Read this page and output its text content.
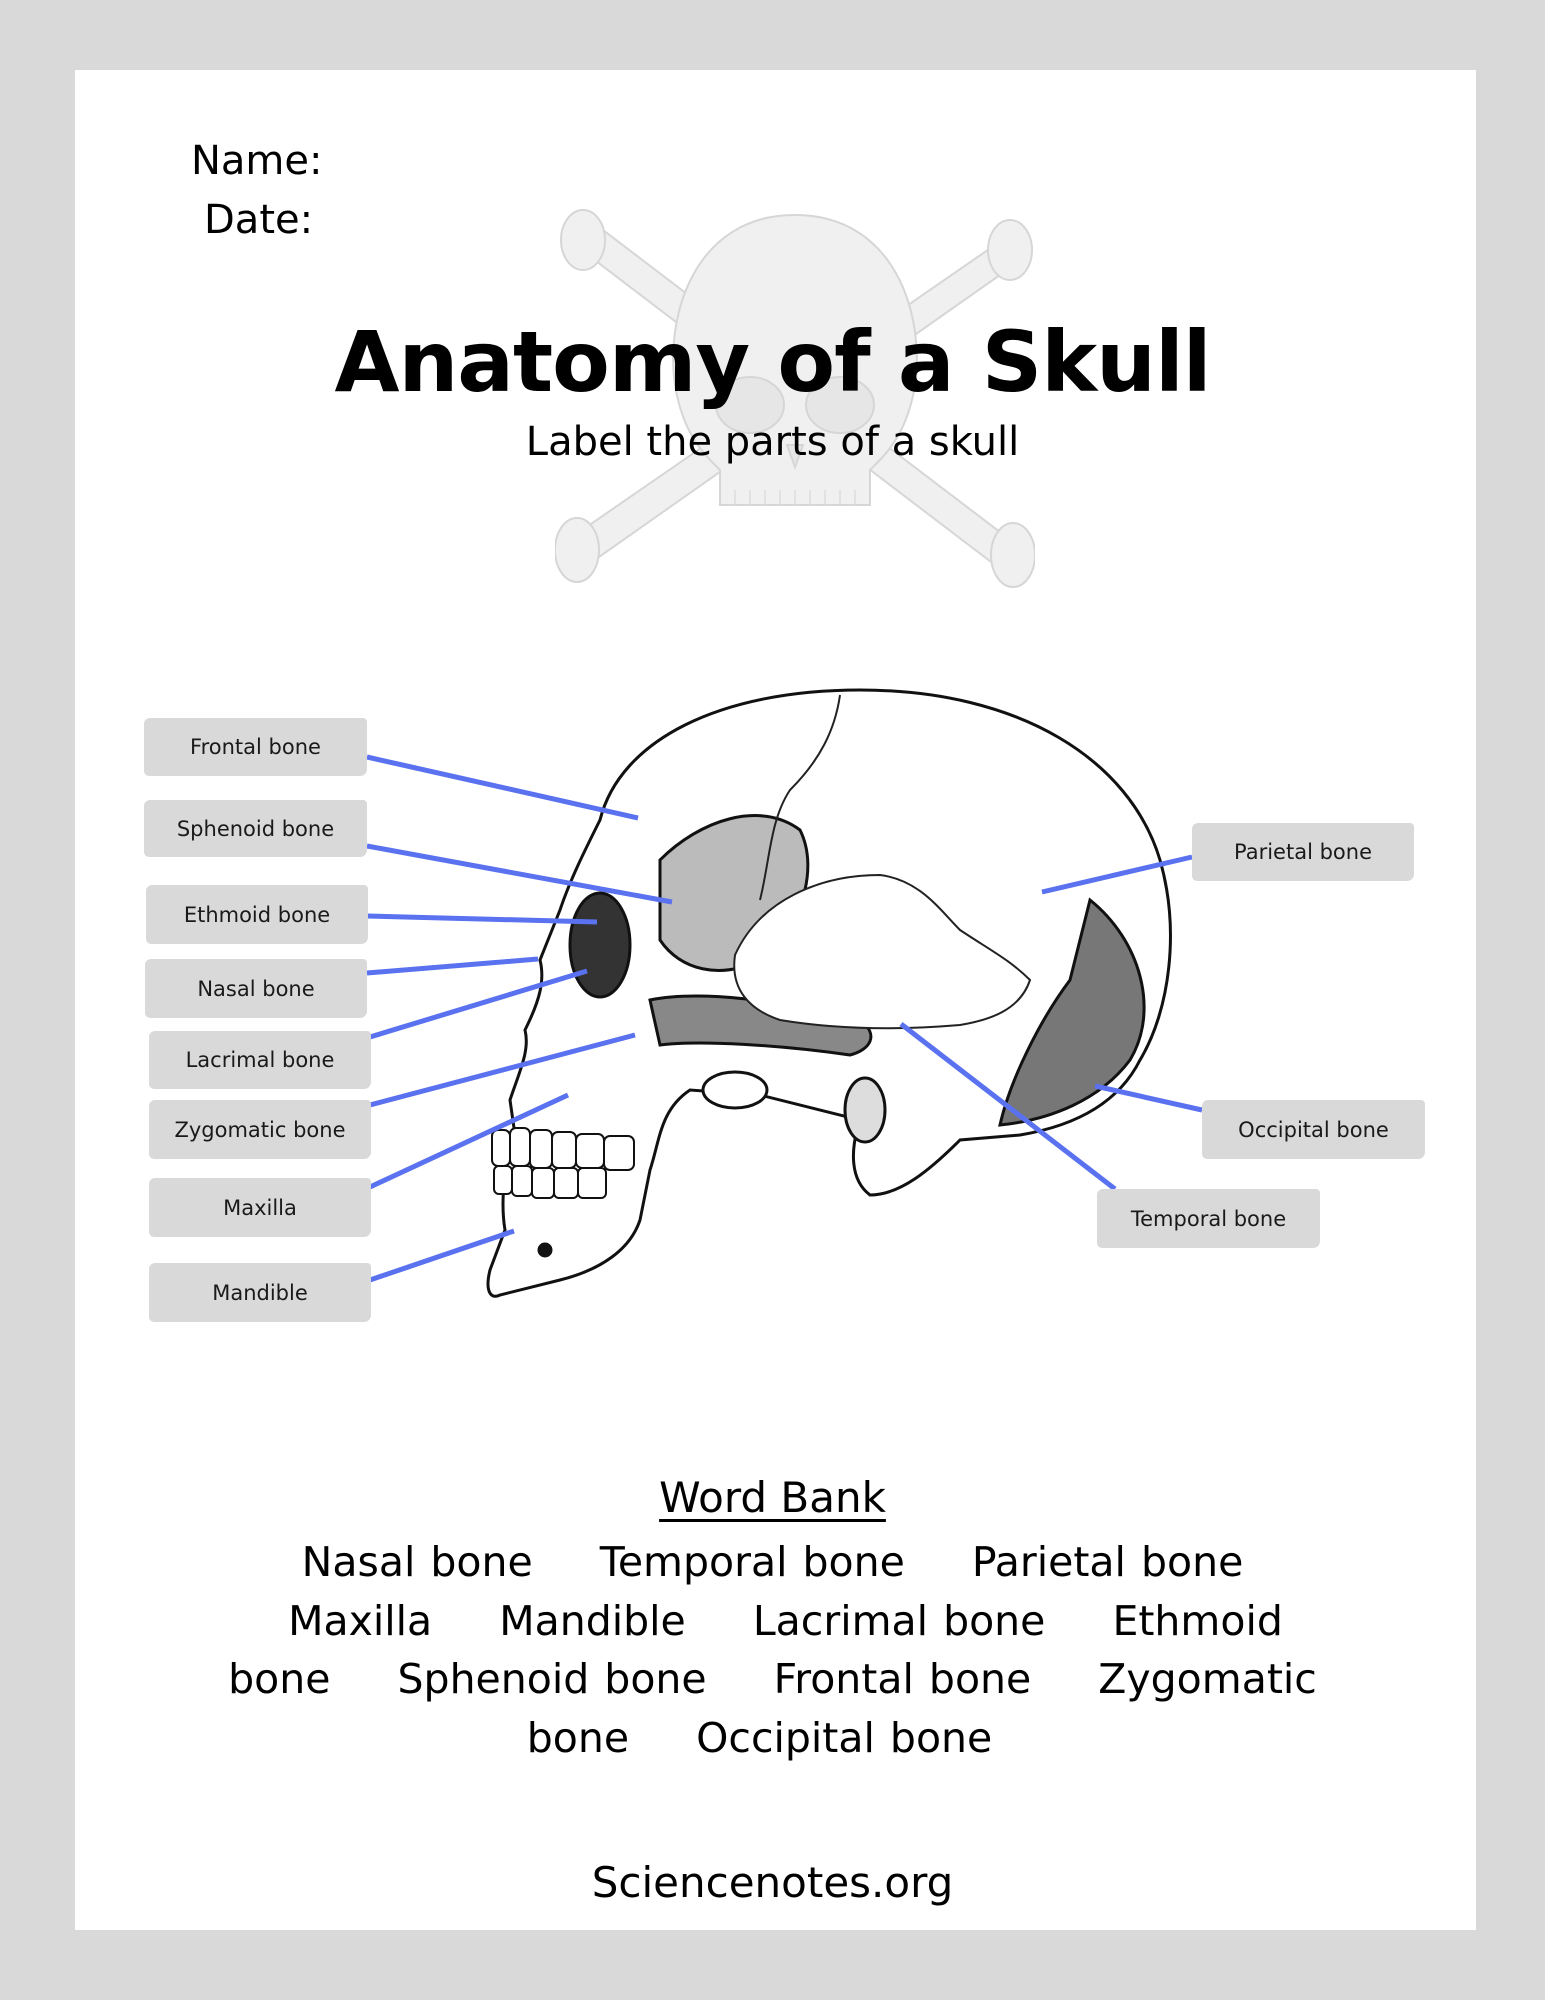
Name:
Date:
Anatomy of a Skull
Label the parts of a skull
Frontal bone
Sphenoid bone
Ethmoid bone
Nasal bone
Lacrimal bone
Zygomatic bone
Maxilla
Mandible
Parietal bone
Occipital bone
Temporal bone
Word Bank
Nasal bone Temporal bone Parietal bone Maxilla Mandible Lacrimal bone Ethmoid bone Sphenoid bone Frontal bone Zygomatic bone Occipital bone
Sciencenotes.org
